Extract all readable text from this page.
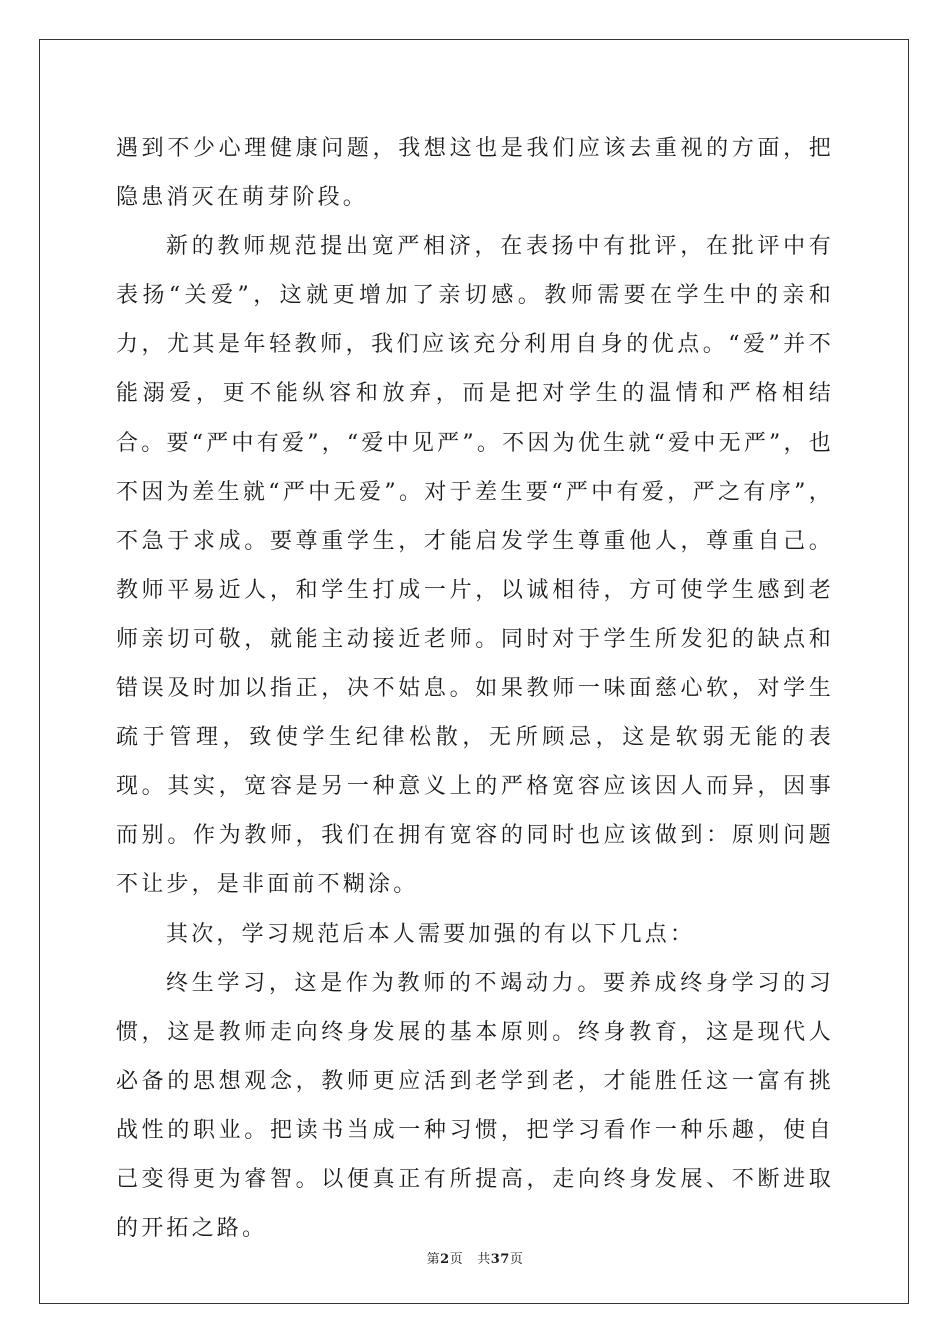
遇到不少心理健康问题，我想这也是我们应该去重视的方面，把隐患消灭在萌芽阶段。

新的教师规范提出宽严相济，在表扬中有批评，在批评中有表扬“关爱”，这就更增加了亲切感。教师需要在学生中的亲和力，尤其是年轻教师，我们应该充分利用自身的优点。“爱”并不能溺爱，更不能纵容和放弃，而是把对学生的温情和严格相结合。要“严中有爱”，“爱中见严”。不因为优生就“爱中无严”，也不因为差生就“严中无爱”。对于差生要“严中有爱，严之有序”，不急于求成。要尊重学生，才能启发学生尊重他人，尊重自己。教师平易近人，和学生打成一片，以诚相待，方可使学生感到老师亲切可敬，就能主动接近老师。同时对于学生所发犯的缺点和错误及时加以指正，决不姑息。如果教师一味面慈心软，对学生疏于管理，致使学生纪律松散，无所顾忌，这是软弱无能的表现。其实，宽容是另一种意义上的严格宽容应该因人而异，因事而别。作为教师，我们在拥有宽容的同时也应该做到：原则问题不让步，是非面前不糊涂。

其次，学习规范后本人需要加强的有以下几点：

终生学习，这是作为教师的不竭动力。要养成终身学习的习惯，这是教师走向终身发展的基本原则。终身教育，这是现代人必备的思想观念，教师更应活到老学到老，才能胜任这一富有挑战性的职业。把读书当成一种习惯，把学习看作一种乐趣，使自己变得更为睿智。以便真正有所提高，走向终身发展、不断进取的开拓之路。

第2页 共37页
